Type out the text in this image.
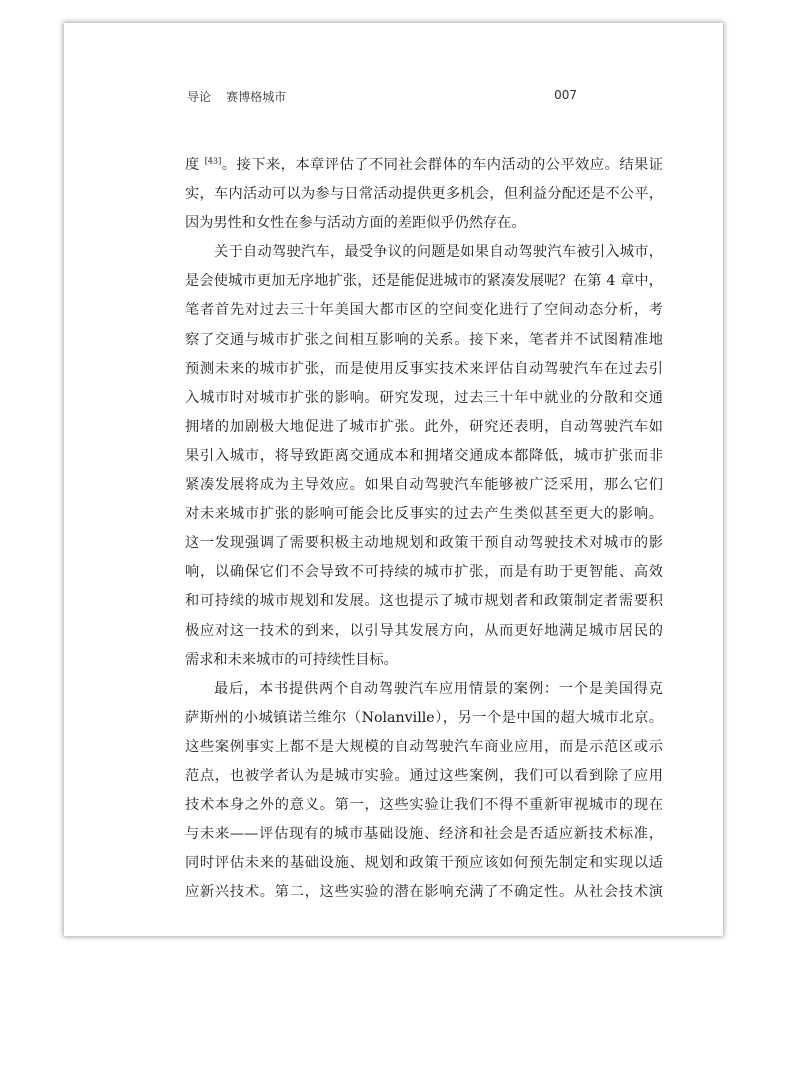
导论    赛博格城市	007
度 [43]。接下来，本章评估了不同社会群体的车内活动的公平效应。结果证
实，车内活动可以为参与日常活动提供更多机会，但利益分配还是不公平，
因为男性和女性在参与活动方面的差距似乎仍然存在。
关于自动驾驶汽车，最受争议的问题是如果自动驾驶汽车被引入城市，
是会使城市更加无序地扩张，还是能促进城市的紧凑发展呢？在第 4 章中，
笔者首先对过去三十年美国大都市区的空间变化进行了空间动态分析，考
察了交通与城市扩张之间相互影响的关系。接下来，笔者并不试图精准地
预测未来的城市扩张，而是使用反事实技术来评估自动驾驶汽车在过去引
入城市时对城市扩张的影响。研究发现，过去三十年中就业的分散和交通
拥堵的加剧极大地促进了城市扩张。此外，研究还表明，自动驾驶汽车如
果引入城市，将导致距离交通成本和拥堵交通成本都降低，城市扩张而非
紧凑发展将成为主导效应。如果自动驾驶汽车能够被广泛采用，那么它们
对未来城市扩张的影响可能会比反事实的过去产生类似甚至更大的影响。
这一发现强调了需要积极主动地规划和政策干预自动驾驶技术对城市的影
响，以确保它们不会导致不可持续的城市扩张，而是有助于更智能、高效
和可持续的城市规划和发展。这也提示了城市规划者和政策制定者需要积
极应对这一技术的到来，以引导其发展方向，从而更好地满足城市居民的
需求和未来城市的可持续性目标。
最后，本书提供两个自动驾驶汽车应用情景的案例：一个是美国得克
萨斯州的小城镇诺兰维尔（Nolanville），另一个是中国的超大城市北京。
这些案例事实上都不是大规模的自动驾驶汽车商业应用，而是示范区或示
范点，也被学者认为是城市实验。通过这些案例，我们可以看到除了应用
技术本身之外的意义。第一，这些实验让我们不得不重新审视城市的现在
与未来——评估现有的城市基础设施、经济和社会是否适应新技术标准，
同时评估未来的基础设施、规划和政策干预应该如何预先制定和实现以适
应新兴技术。第二，这些实验的潜在影响充满了不确定性。从社会技术演
